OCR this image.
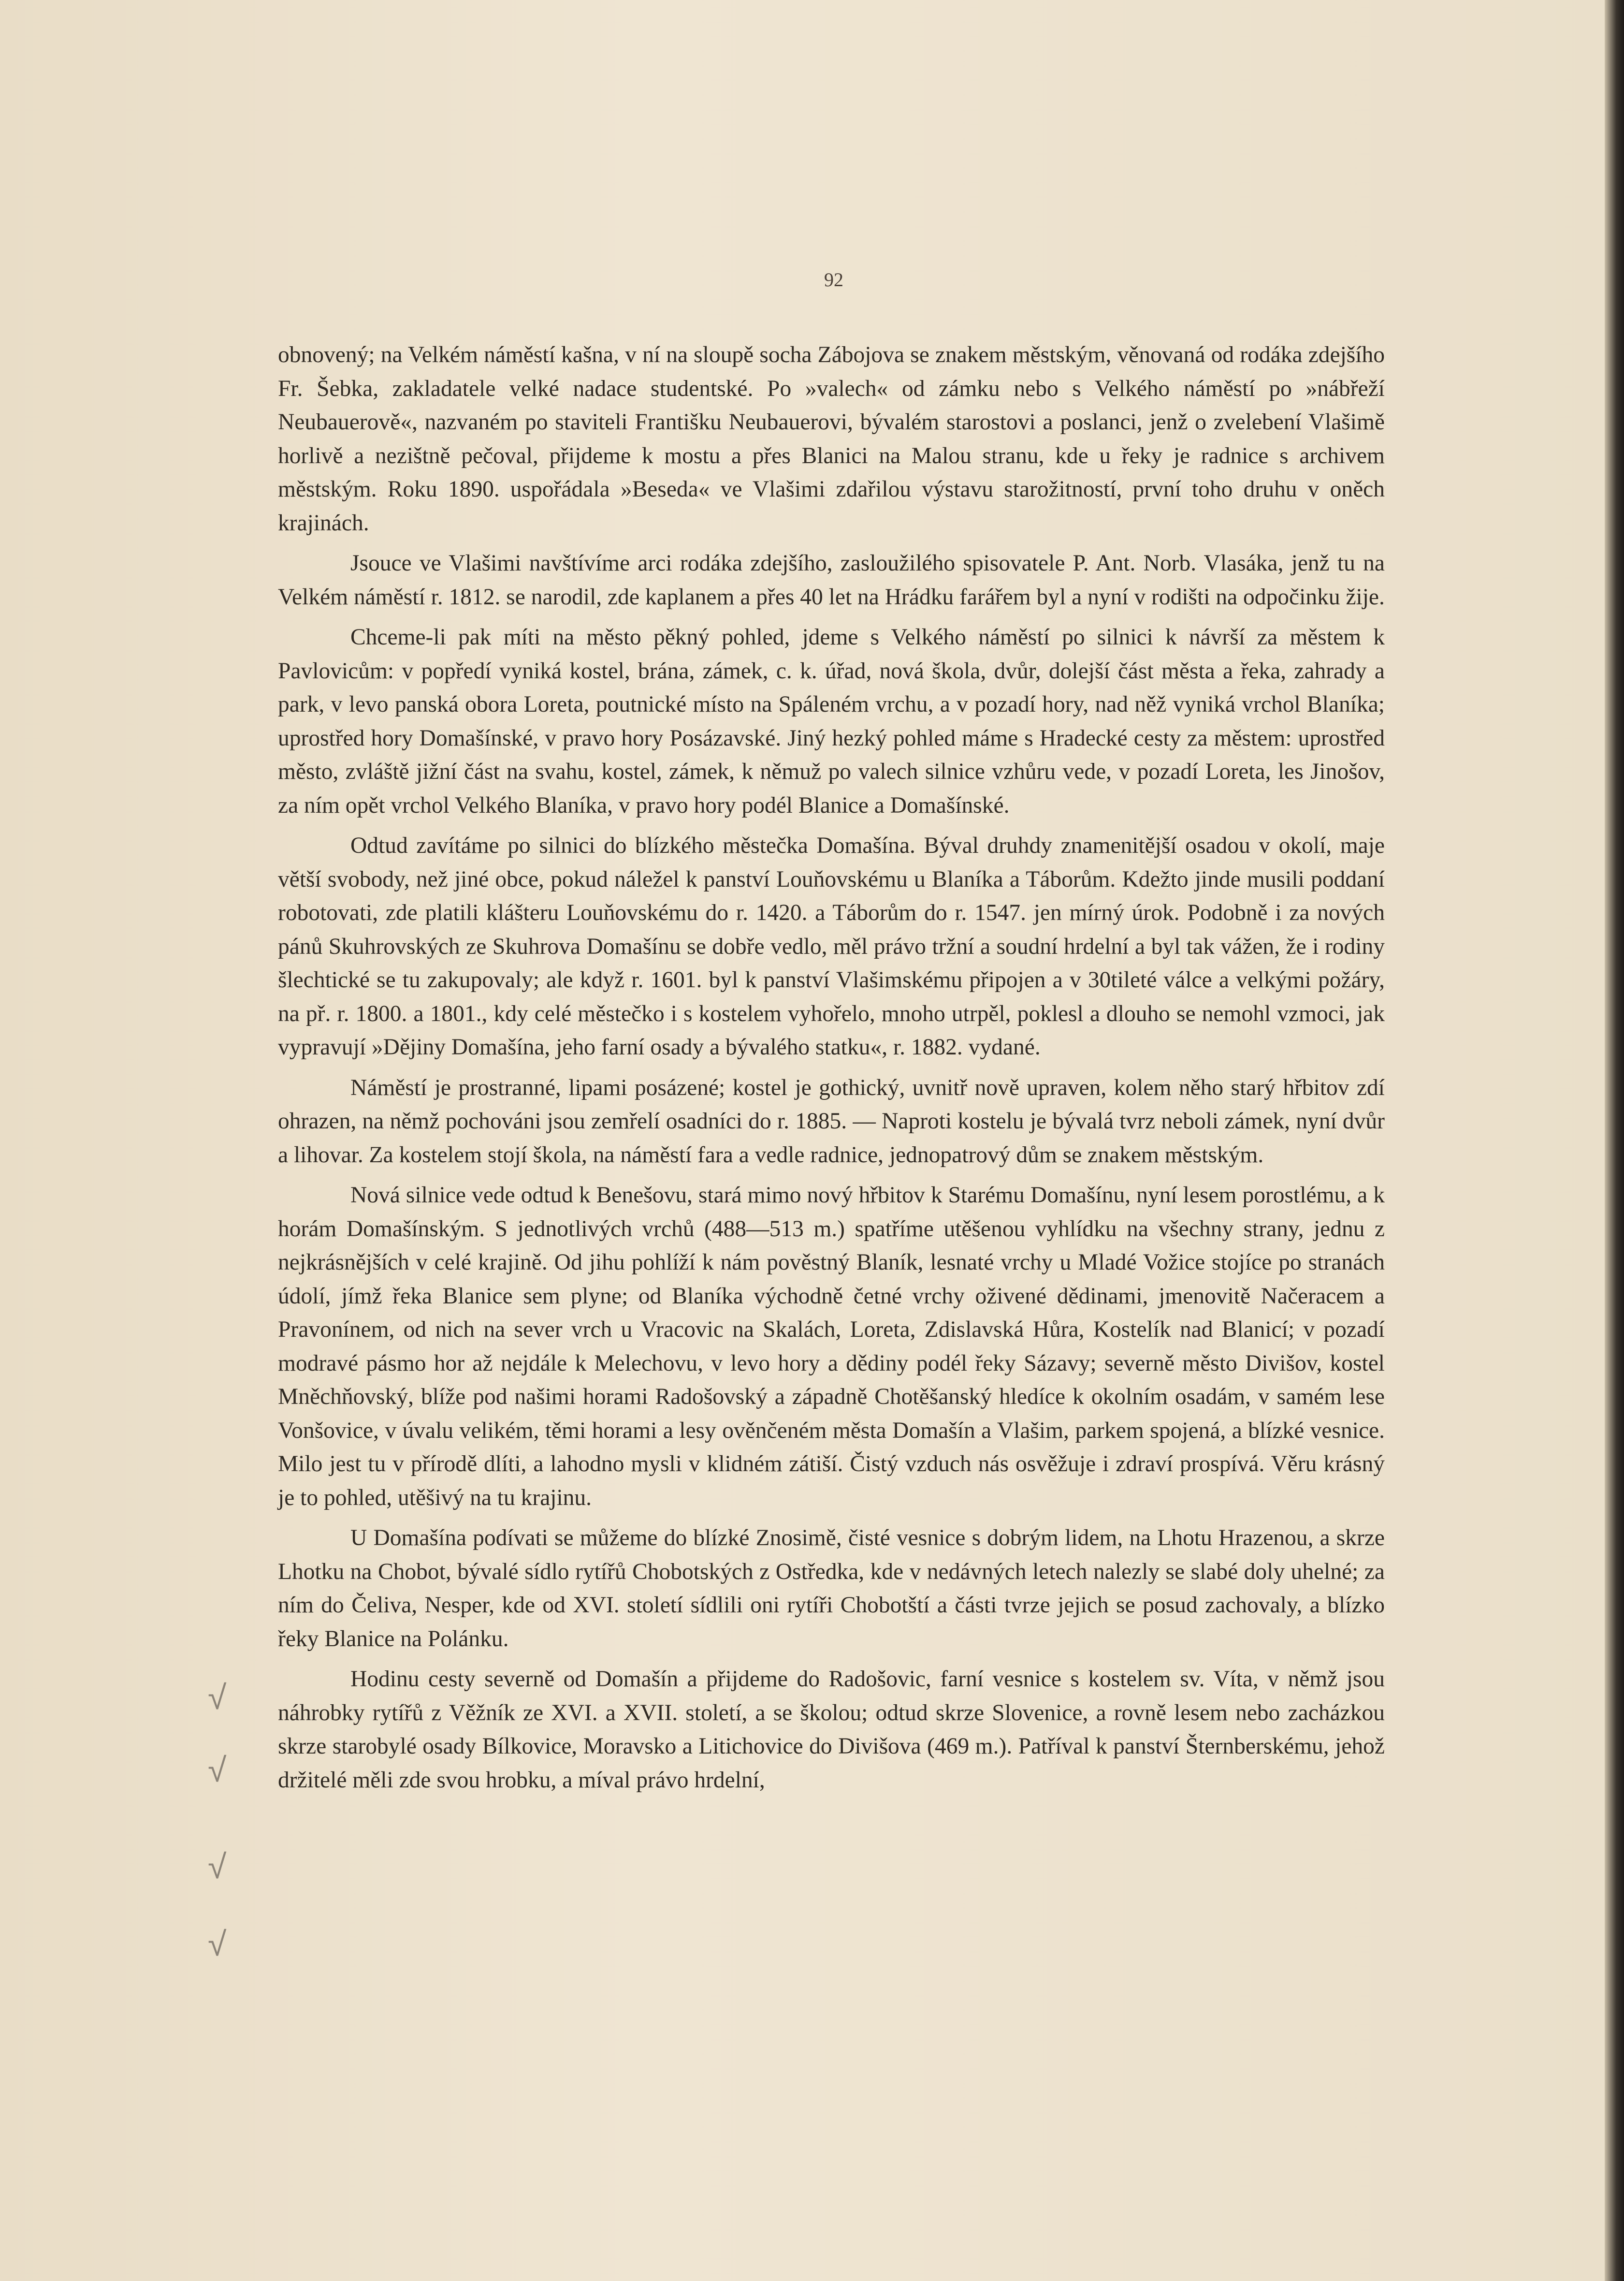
92

obnovený; na Velkém náměstí kašna, v ní na sloupě socha Zábojova se znakem městským, věnovaná od rodáka zdejšího Fr. Šebka, zakladatele velké nadace studentské. Po »valech« od zámku nebo s Velkého náměstí po »nábřeží Neubauerově«, nazvaném po staviteli Františku Neubauerovi, bývalém starostovi a poslanci, jenž o zvelebení Vlašimě horlivě a nezištně pečoval, přijdeme k mostu a přes Blanici na Malou stranu, kde u řeky je radnice s archivem městským. Roku 1890. uspořádala »Beseda« ve Vlašimi zdařilou výstavu starožitností, první toho druhu v oněch krajinách.

Jsouce ve Vlašimi navštívíme arci rodáka zdejšího, zasloužilého spisovatele P. Ant. Norb. Vlasáka, jenž tu na Velkém náměstí r. 1812. se narodil, zde kaplanem a přes 40 let na Hrádku farářem byl a nyní v rodišti na odpočinku žije.

Chceme-li pak míti na město pěkný pohled, jdeme s Velkého náměstí po silnici k návrší za městem k Pavlovicům: v popředí vyniká kostel, brána, zámek, c. k. úřad, nová škola, dvůr, dolejší část města a řeka, zahrady a park, v levo panská obora Loreta, poutnické místo na Spáleném vrchu, a v pozadí hory, nad něž vyniká vrchol Blaníka; uprostřed hory Domašínské, v pravo hory Posázavské. Jiný hezký pohled máme s Hradecké cesty za městem: uprostřed město, zvláště jižní část na svahu, kostel, zámek, k němuž po valech silnice vzhůru vede, v pozadí Loreta, les Jinošov, za ním opět vrchol Velkého Blaníka, v pravo hory podél Blanice a Domašínské.

Odtud zavítáme po silnici do blízkého městečka Domašína. Býval druhdy znamenitější osadou v okolí, maje větší svobody, než jiné obce, pokud náležel k panství Louňovskému u Blaníka a Táborům. Kdežto jinde musili poddaní robotovati, zde platili klášteru Louňovskému do r. 1420. a Táborům do r. 1547. jen mírný úrok. Podobně i za nových pánů Skuhrovských ze Skuhrova Domašínu se dobře vedlo, měl právo tržní a soudní hrdelní a byl tak vážen, že i rodiny šlechtické se tu zakupovaly; ale když r. 1601. byl k panství Vlašimskému připojen a v 30tileté válce a velkými požáry, na př. r. 1800. a 1801., kdy celé městečko i s kostelem vyhořelo, mnoho utrpěl, poklesl a dlouho se nemohl vzmoci, jak vypravují »Dějiny Domašína, jeho farní osady a bývalého statku«, r. 1882. vydané.

Náměstí je prostranné, lipami posázené; kostel je gothický, uvnitř nově upraven, kolem něho starý hřbitov zdí ohrazen, na němž pochováni jsou zemřelí osadníci do r. 1885. — Naproti kostelu je bývalá tvrz neboli zámek, nyní dvůr a lihovar. Za kostelem stojí škola, na náměstí fara a vedle radnice, jednopatrový dům se znakem městským.

Nová silnice vede odtud k Benešovu, stará mimo nový hřbitov k Starému Domašínu, nyní lesem porostlému, a k horám Domašínským. S jednotlivých vrchů (488—513 m.) spatříme utěšenou vyhlídku na všechny strany, jednu z nejkrásnějších v celé krajině. Od jihu pohlíží k nám pověstný Blaník, lesnaté vrchy u Mladé Vožice stojíce po stranách údolí, jímž řeka Blanice sem plyne; od Blaníka východně četné vrchy oživené dědinami, jmenovitě Načeracem a Pravonínem, od nich na sever vrch u Vracovic na Skalách, Loreta, Zdislavská Hůra, Kostelík nad Blanicí; v pozadí modravé pásmo hor až nejdále k Melechovu, v levo hory a dědiny podél řeky Sázavy; severně město Divišov, kostel Mněchňovský, blíže pod našimi horami Radošovský a západně Chotěšanský hledíce k okolním osadám, v samém lese Vonšovice, v úvalu velikém, těmi horami a lesy ověnčeném města Domašín a Vlašim, parkem spojená, a blízké vesnice. Milo jest tu v přírodě dlíti, a lahodno mysli v klidném zátiší. Čistý vzduch nás osvěžuje i zdraví prospívá. Věru krásný je to pohled, utěšivý na tu krajinu.

U Domašína podívati se můžeme do blízké Znosimě, čisté vesnice s dobrým lidem, na Lhotu Hrazenou, a skrze Lhotku na Chobot, bývalé sídlo rytířů Chobotských z Ostředka, kde v nedávných letech nalezly se slabé doly uhelné; za ním do Čeliva, Nesper, kde od XVI. století sídlili oni rytíři Chobotští a části tvrze jejich se posud zachovaly, a blízko řeky Blanice na Polánku.

Hodinu cesty severně od Domašín a přijdeme do Radošovic, farní vesnice s kostelem sv. Víta, v němž jsou náhrobky rytířů z Věžník ze XVI. a XVII. století, a se školou; odtud skrze Slovenice, a rovně lesem nebo zacházkou skrze starobylé osady Bílkovice, Moravsko a Litichovice do Divišova (469 m.). Patříval k panství Šternberskému, jehož držitelé měli zde svou hrobku, a míval právo hrdelní,

√
√
√
√
